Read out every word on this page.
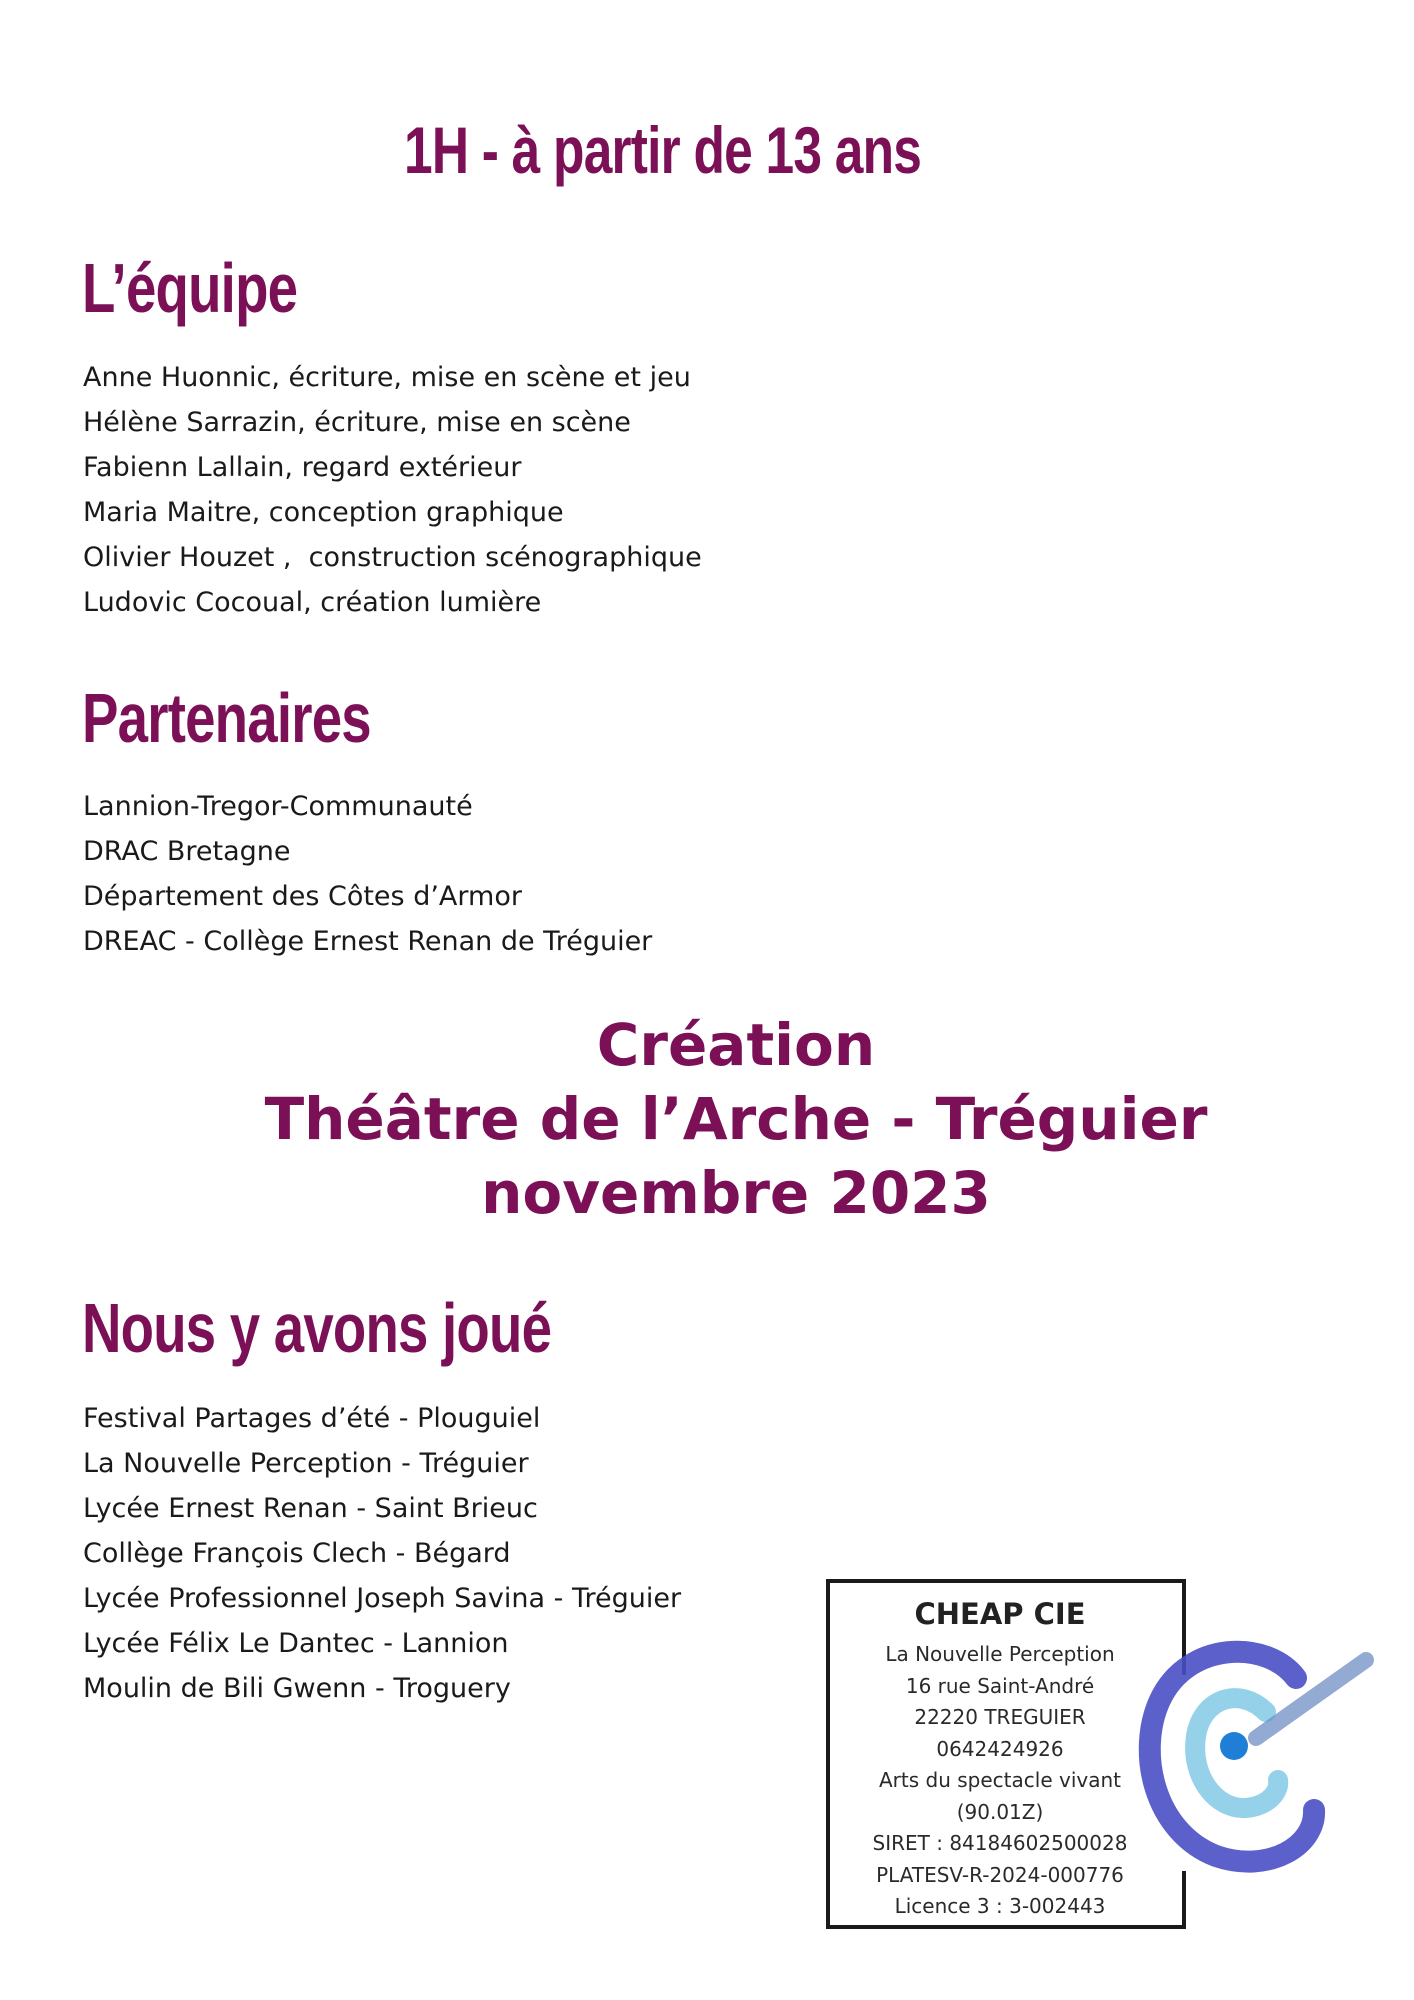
1H - à partir de 13 ans
L’équipe
Anne Huonnic, écriture, mise en scène et jeu
Hélène Sarrazin, écriture, mise en scène
Fabienn Lallain, regard extérieur
Maria Maitre, conception graphique
Olivier Houzet ,  construction scénographique
Ludovic Cocoual, création lumière
Partenaires
Lannion-Tregor-Communauté
DRAC Bretagne
Département des Côtes d’Armor
DREAC - Collège Ernest Renan de Tréguier
Création
Théâtre de l’Arche - Tréguier
novembre 2023
Nous y avons joué
Festival Partages d’été - Plouguiel
La Nouvelle Perception - Tréguier
Lycée Ernest Renan - Saint Brieuc
Collège François Clech - Bégard
Lycée Professionnel Joseph Savina - Tréguier
Lycée Félix Le Dantec - Lannion
Moulin de Bili Gwenn - Troguery
CHEAP CIE
La Nouvelle Perception
16 rue Saint-André
22220 TREGUIER
0642424926
Arts du spectacle vivant
(90.01Z)
SIRET : 84184602500028
PLATESV-R-2024-000776
Licence 3 : 3-002443
